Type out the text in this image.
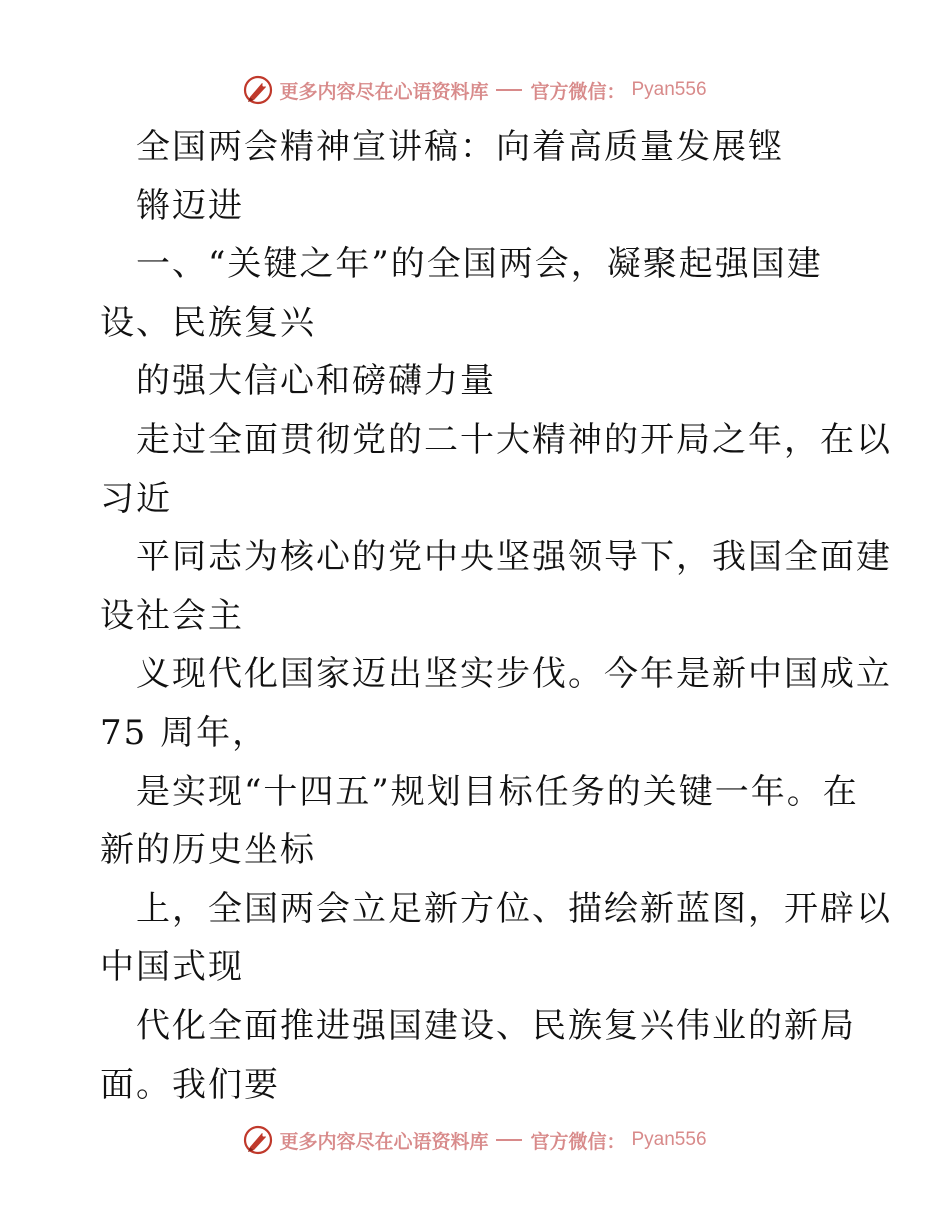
更多内容尽在心语资料库 官方微信： Pyan556
全国两会精神宣讲稿：向着高质量发展铿
锵迈进
一、“关键之年”的全国两会，凝聚起强国建
设、民族复兴
的强大信心和磅礴力量
走过全面贯彻党的二十大精神的开局之年，在以
习近
平同志为核心的党中央坚强领导下，我国全面建
设社会主
义现代化国家迈出坚实步伐。今年是新中国成立
75 周年，
是实现“十四五”规划目标任务的关键一年。在
新的历史坐标
上，全国两会立足新方位、描绘新蓝图，开辟以
中国式现
代化全面推进强国建设、民族复兴伟业的新局
面。我们要
更多内容尽在心语资料库 官方微信： Pyan556
